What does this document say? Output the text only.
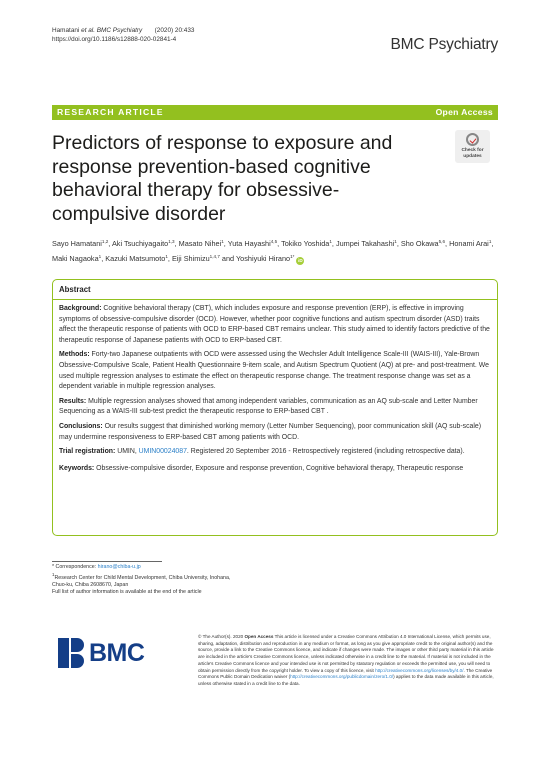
Hamatani et al. BMC Psychiatry (2020) 20:433
https://doi.org/10.1186/s12888-020-02841-4	BMC Psychiatry
RESEARCH ARTICLE	Open Access
Predictors of response to exposure and response prevention-based cognitive behavioral therapy for obsessive-compulsive disorder
Check for updates
Sayo Hamatani$^{1,2}$, Aki Tsuchiyagaito$^{1,3}$, Masato Nihei$^1$, Yuta Hayashi$^{4,5}$, Tokiko Yoshida$^1$, Jumpei Takahashi$^1$, Sho Okawa$^{5,6}$, Honami Arai$^1$, Maki Nagaoka$^1$, Kazuki Matsumoto$^1$, Eiji Shimizu$^{1,4,7}$ and Yoshiyuki Hirano$^{1*}$ iD
Abstract

Background: Cognitive behavioral therapy (CBT), which includes exposure and response prevention (ERP), is effective in improving symptoms of obsessive-compulsive disorder (OCD). However, whether poor cognitive functions and autism spectrum disorder (ASD) traits affect the therapeutic response of patients with OCD to ERP-based CBT remains unclear. This study aimed to identify factors predictive of the therapeutic response of Japanese patients with OCD to ERP-based CBT.

Methods: Forty-two Japanese outpatients with OCD were assessed using the Wechsler Adult Intelligence Scale-III (WAIS-III), Yale-Brown Obsessive-Compulsive Scale, Patient Health Questionnaire 9-item scale, and Autism Spectrum Quotient (AQ) at pre- and post-treatment. We used multiple regression analyses to estimate the effect on therapeutic response change. The treatment response change was set as a dependent variable in multiple regression analyses.

Results: Multiple regression analyses showed that among independent variables, communication as an AQ sub-scale and Letter Number Sequencing as a WAIS-III sub-test predict the therapeutic response to ERP-based CBT .

Conclusions: Our results suggest that diminished working memory (Letter Number Sequencing), poor communication skill (AQ sub-scale) may undermine responsiveness to ERP-based CBT among patients with OCD.

Trial registration: UMIN, UMIN00024087. Registered 20 September 2016 - Retrospectively registered (including retrospective data).

Keywords: Obsessive-compulsive disorder, Exposure and response prevention, Cognitive behavioral therapy, Therapeutic response

* Correspondence: hirano@chiba-u.jp
$^1$Research Center for Child Mental Development, Chiba University, Inohana,
Chuo-ku, Chiba 2608670, Japan
Full list of author information is available at the end of the article
BMC
© The Author(s). 2020 Open Access This article is licensed under a Creative Commons Attribution 4.0 International License, which permits use, sharing, adaptation, distribution and reproduction in any medium or format, as long as you give appropriate credit to the original author(s) and the source, provide a link to the Creative Commons licence, and indicate if changes were made. The images or other third party material in this article are included in the article's Creative Commons licence, unless indicated otherwise in a credit line to the material. If material is not included in the article's Creative Commons licence and your intended use is not permitted by statutory regulation or exceeds the permitted use, you will need to obtain permission directly from the copyright holder. To view a copy of this licence, visit http://creativecommons.org/licenses/by/4.0/. The Creative Commons Public Domain Dedication waiver (http://creativecommons.org/publicdomain/zero/1.0/) applies to the data made available in this article, unless otherwise stated in a credit line to the data.
